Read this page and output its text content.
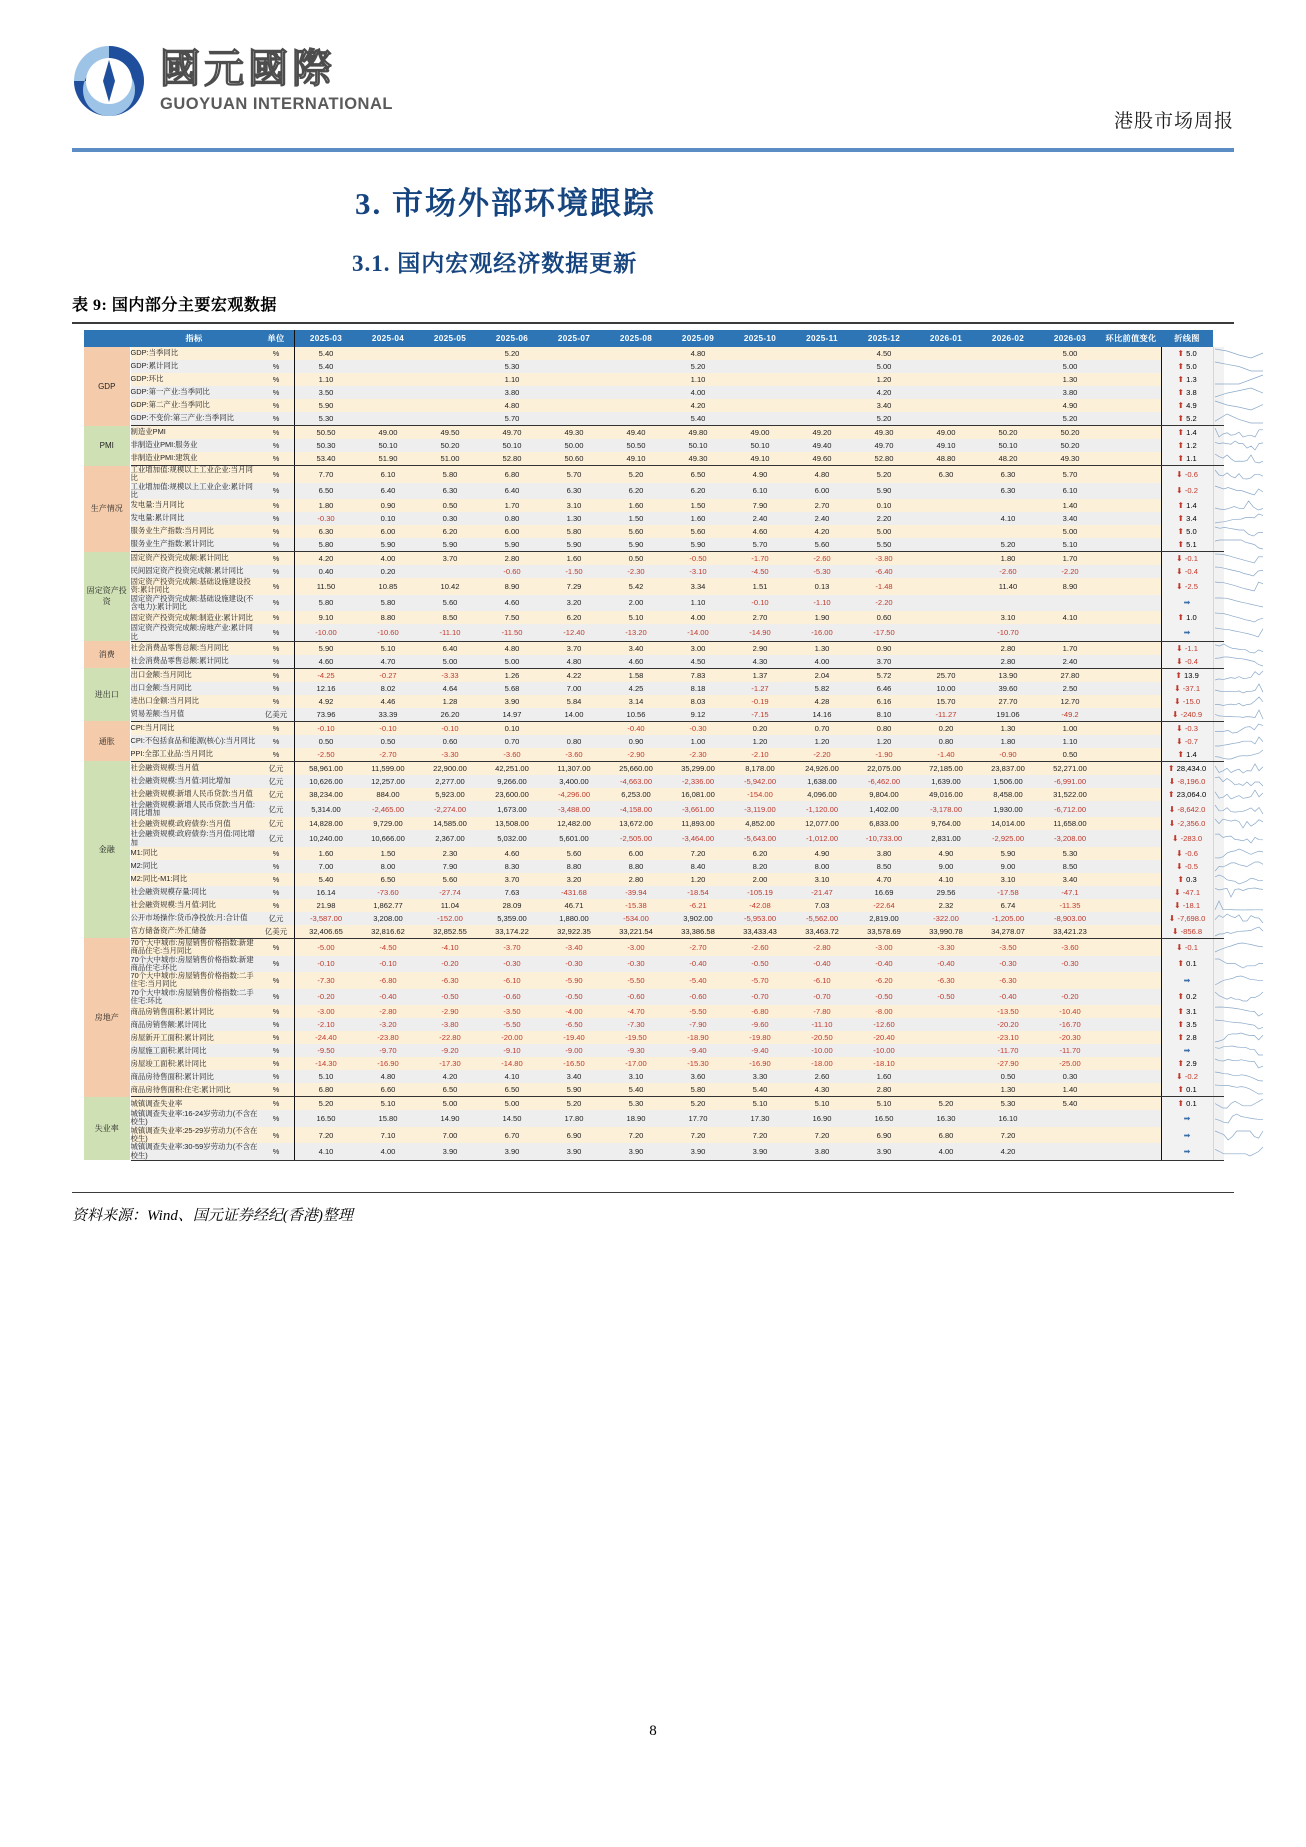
國元國際
GUOYUAN INTERNATIONAL
港股市场周报
3. 市场外部环境跟踪
3.1. 国内宏观经济数据更新
表 9: 国内部分主要宏观数据
	指标	单位	2025-03	2025-04	2025-05	2025-06	2025-07	2025-08	2025-09	2025-10	2025-11	2025-12	2026-01	2026-02	2026-03	环比前值变化	折线图	
GDP	GDP:当季同比	%	5.40			5.20			4.80			4.50			5.00		⬆ 5.0	

	GDP:累计同比	%	5.40			5.30			5.20			5.00			5.00		⬆ 5.0	

	GDP:环比	%	1.10			1.10			1.10			1.20			1.30		⬆ 1.3	

	GDP:第一产业:当季同比	%	3.50			3.80			4.00			4.20			3.80		⬆ 3.8	

	GDP:第二产业:当季同比	%	5.90			4.80			4.20			3.40			4.90		⬆ 4.9	

	GDP:不变价:第三产业:当季同比	%	5.30			5.70			5.40			5.20			5.20		⬆ 5.2	

PMI	制造业PMI	%	50.50	49.00	49.50	49.70	49.30	49.40	49.80	49.00	49.20	49.30	49.00	50.20	50.20		⬆ 1.4	

	非制造业PMI:服务业	%	50.30	50.10	50.20	50.10	50.00	50.50	50.10	50.10	49.40	49.70	49.10	50.10	50.20		⬆ 1.2	

	非制造业PMI:建筑业	%	53.40	51.90	51.00	52.80	50.60	49.10	49.30	49.10	49.60	52.80	48.80	48.20	49.30		⬆ 1.1	

生产情况	工业增加值:规模以上工业企业:当月同比	%	7.70	6.10	5.80	6.80	5.70	5.20	6.50	4.90	4.80	5.20	6.30	6.30	5.70		⬇ -0.6	

	工业增加值:规模以上工业企业:累计同比	%	6.50	6.40	6.30	6.40	6.30	6.20	6.20	6.10	6.00	5.90		6.30	6.10		⬇ -0.2	

	发电量:当月同比	%	1.80	0.90	0.50	1.70	3.10	1.60	1.50	7.90	2.70	0.10			1.40		⬆ 1.4	

	发电量:累计同比	%	-0.30	0.10	0.30	0.80	1.30	1.50	1.60	2.40	2.40	2.20		4.10	3.40		⬆ 3.4	

	服务业生产指数:当月同比	%	6.30	6.00	6.20	6.00	5.80	5.60	5.60	4.60	4.20	5.00			5.00		⬆ 5.0	

	服务业生产指数:累计同比	%	5.80	5.90	5.90	5.90	5.90	5.90	5.90	5.70	5.60	5.50		5.20	5.10		⬆ 5.1	

固定资产投资	固定资产投资完成额:累计同比	%	4.20	4.00	3.70	2.80	1.60	0.50	-0.50	-1.70	-2.60	-3.80		1.80	1.70		⬇ -0.1	

	民间固定资产投资完成额:累计同比	%	0.40	0.20		-0.60	-1.50	-2.30	-3.10	-4.50	-5.30	-6.40		-2.60	-2.20		⬇ -0.4	

	固定资产投资完成额:基础设施建设投资:累计同比	%	11.50	10.85	10.42	8.90	7.29	5.42	3.34	1.51	0.13	-1.48		11.40	8.90		⬇ -2.5	

	固定资产投资完成额:基础设施建设(不含电力):累计同比	%	5.80	5.80	5.60	4.60	3.20	2.00	1.10	-0.10	-1.10	-2.20					➡	

	固定资产投资完成额:制造业:累计同比	%	9.10	8.80	8.50	7.50	6.20	5.10	4.00	2.70	1.90	0.60		3.10	4.10		⬆ 1.0	

	固定资产投资完成额:房地产业:累计同比	%	-10.00	-10.60	-11.10	-11.50	-12.40	-13.20	-14.00	-14.90	-16.00	-17.50		-10.70			➡	

消费	社会消费品零售总额:当月同比	%	5.90	5.10	6.40	4.80	3.70	3.40	3.00	2.90	1.30	0.90		2.80	1.70		⬇ -1.1	

	社会消费品零售总额:累计同比	%	4.60	4.70	5.00	5.00	4.80	4.60	4.50	4.30	4.00	3.70		2.80	2.40		⬇ -0.4	

进出口	出口金额:当月同比	%	-4.25	-0.27	-3.33	1.26	4.22	1.58	7.83	1.37	2.04	5.72	25.70	13.90	27.80		⬆ 13.9	

	出口金额:当月同比	%	12.16	8.02	4.64	5.68	7.00	4.25	8.18	-1.27	5.82	6.46	10.00	39.60	2.50		⬇ -37.1	

	进出口金额:当月同比	%	4.92	4.46	1.28	3.90	5.84	3.14	8.03	-0.19	4.28	6.16	15.70	27.70	12.70		⬇ -15.0	

	贸易差额:当月值	亿美元	73.96	33.39	26.20	14.97	14.00	10.56	9.12	-7.15	14.16	8.10	-11.27	191.06	-49.2		⬇ -240.9	

通胀	CPI:当月同比	%	-0.10	-0.10	-0.10	0.10		-0.40	-0.30	0.20	0.70	0.80	0.20	1.30	1.00		⬇ -0.3	

	CPI:不包括食品和能源(核心):当月同比	%	0.50	0.50	0.60	0.70	0.80	0.90	1.00	1.20	1.20	1.20	0.80	1.80	1.10		⬇ -0.7	

	PPI:全部工业品:当月同比	%	-2.50	-2.70	-3.30	-3.60	-3.60	-2.90	-2.30	-2.10	-2.20	-1.90	-1.40	-0.90	0.50		⬆ 1.4	

金融	社会融资规模:当月值	亿元	58,961.00	11,599.00	22,900.00	42,251.00	11,307.00	25,660.00	35,299.00	8,178.00	24,926.00	22,075.00	72,185.00	23,837.00	52,271.00		⬆ 28,434.0	

	社会融资规模:当月值:同比增加	亿元	10,626.00	12,257.00	2,277.00	9,266.00	3,400.00	-4,663.00	-2,336.00	-5,942.00	1,638.00	-6,462.00	1,639.00	1,506.00	-6,991.00		⬇ -8,196.0	

	社会融资规模:新增人民币贷款:当月值	亿元	38,234.00	884.00	5,923.00	23,600.00	-4,296.00	6,253.00	16,081.00	-154.00	4,096.00	9,804.00	49,016.00	8,458.00	31,522.00		⬆ 23,064.0	

	社会融资规模:新增人民币贷款:当月值:同比增加	亿元	5,314.00	-2,465.00	-2,274.00	1,673.00	-3,488.00	-4,158.00	-3,661.00	-3,119.00	-1,120.00	1,402.00	-3,178.00	1,930.00	-6,712.00		⬇ -8,642.0	

	社会融资规模:政府债券:当月值	亿元	14,828.00	9,729.00	14,585.00	13,508.00	12,482.00	13,672.00	11,893.00	4,852.00	12,077.00	6,833.00	9,764.00	14,014.00	11,658.00		⬇ -2,356.0	

	社会融资规模:政府债券:当月值:同比增加	亿元	10,240.00	10,666.00	2,367.00	5,032.00	5,601.00	-2,505.00	-3,464.00	-5,643.00	-1,012.00	-10,733.00	2,831.00	-2,925.00	-3,208.00		⬇ -283.0	

	M1:同比	%	1.60	1.50	2.30	4.60	5.60	6.00	7.20	6.20	4.90	3.80	4.90	5.90	5.30		⬇ -0.6	

	M2:同比	%	7.00	8.00	7.90	8.30	8.80	8.80	8.40	8.20	8.00	8.50	9.00	9.00	8.50		⬇ -0.5	

	M2:同比-M1:同比	%	5.40	6.50	5.60	3.70	3.20	2.80	1.20	2.00	3.10	4.70	4.10	3.10	3.40		⬆ 0.3	

	社会融资规模存量:同比	%	16.14	-73.60	-27.74	7.63	-431.68	-39.94	-18.54	-105.19	-21.47	16.69	29.56	-17.58	-47.1		⬇ -47.1	

	社会融资规模:当月值:同比	%	21.98	1,862.77	11.04	28.09	46.71	-15.38	-6.21	-42.08	7.03	-22.64	2.32	6.74	-11.35		⬇ -18.1	

	公开市场操作:货币净投放:月:合计值	亿元	-3,587.00	3,208.00	-152.00	5,359.00	1,880.00	-534.00	3,902.00	-5,953.00	-5,562.00	2,819.00	-322.00	-1,205.00	-8,903.00		⬇ -7,698.0	

	官方储备资产:外汇储备	亿美元	32,406.65	32,816.62	32,852.55	33,174.22	32,922.35	33,221.54	33,386.58	33,433.43	33,463.72	33,578.69	33,990.78	34,278.07	33,421.23		⬇ -856.8	

房地产	70个大中城市:房屋销售价格指数:新建商品住宅:当月同比	%	-5.00	-4.50	-4.10	-3.70	-3.40	-3.00	-2.70	-2.60	-2.80	-3.00	-3.30	-3.50	-3.60		⬇ -0.1	

	70个大中城市:房屋销售价格指数:新建商品住宅:环比	%	-0.10	-0.10	-0.20	-0.30	-0.30	-0.30	-0.40	-0.50	-0.40	-0.40	-0.40	-0.30	-0.30		⬆ 0.1	

	70个大中城市:房屋销售价格指数:二手住宅:当月同比	%	-7.30	-6.80	-6.30	-6.10	-5.90	-5.50	-5.40	-5.70	-6.10	-6.20	-6.30	-6.30			➡	

	70个大中城市:房屋销售价格指数:二手住宅:环比	%	-0.20	-0.40	-0.50	-0.60	-0.50	-0.60	-0.60	-0.70	-0.70	-0.50	-0.50	-0.40	-0.20		⬆ 0.2	

	商品房销售面积:累计同比	%	-3.00	-2.80	-2.90	-3.50	-4.00	-4.70	-5.50	-6.80	-7.80	-8.00		-13.50	-10.40		⬆ 3.1	

	商品房销售额:累计同比	%	-2.10	-3.20	-3.80	-5.50	-6.50	-7.30	-7.90	-9.60	-11.10	-12.60		-20.20	-16.70		⬆ 3.5	

	房屋新开工面积:累计同比	%	-24.40	-23.80	-22.80	-20.00	-19.40	-19.50	-18.90	-19.80	-20.50	-20.40		-23.10	-20.30		⬆ 2.8	

	房屋施工面积:累计同比	%	-9.50	-9.70	-9.20	-9.10	-9.00	-9.30	-9.40	-9.40	-10.00	-10.00		-11.70	-11.70		➡	

	房屋竣工面积:累计同比	%	-14.30	-16.90	-17.30	-14.80	-16.50	-17.00	-15.30	-16.90	-18.00	-18.10		-27.90	-25.00		⬆ 2.9	

	商品房待售面积:累计同比	%	5.10	4.80	4.20	4.10	3.40	3.10	3.60	3.30	2.60	1.60		0.50	0.30		⬇ -0.2	

	商品房待售面积:住宅:累计同比	%	6.80	6.60	6.50	6.50	5.90	5.40	5.80	5.40	4.30	2.80		1.30	1.40		⬆ 0.1	

失业率	城镇调查失业率	%	5.20	5.10	5.00	5.00	5.20	5.30	5.20	5.10	5.10	5.10	5.20	5.30	5.40		⬆ 0.1	

	城镇调查失业率:16-24岁劳动力(不含在校生)	%	16.50	15.80	14.90	14.50	17.80	18.90	17.70	17.30	16.90	16.50	16.30	16.10			➡	

	城镇调查失业率:25-29岁劳动力(不含在校生)	%	7.20	7.10	7.00	6.70	6.90	7.20	7.20	7.20	7.20	6.90	6.80	7.20			➡	

	城镇调查失业率:30-59岁劳动力(不含在校生)	%	4.10	4.00	3.90	3.90	3.90	3.90	3.90	3.90	3.80	3.90	4.00	4.20			➡	
资料来源：Wind、国元证券经纪(香港)整理
8
